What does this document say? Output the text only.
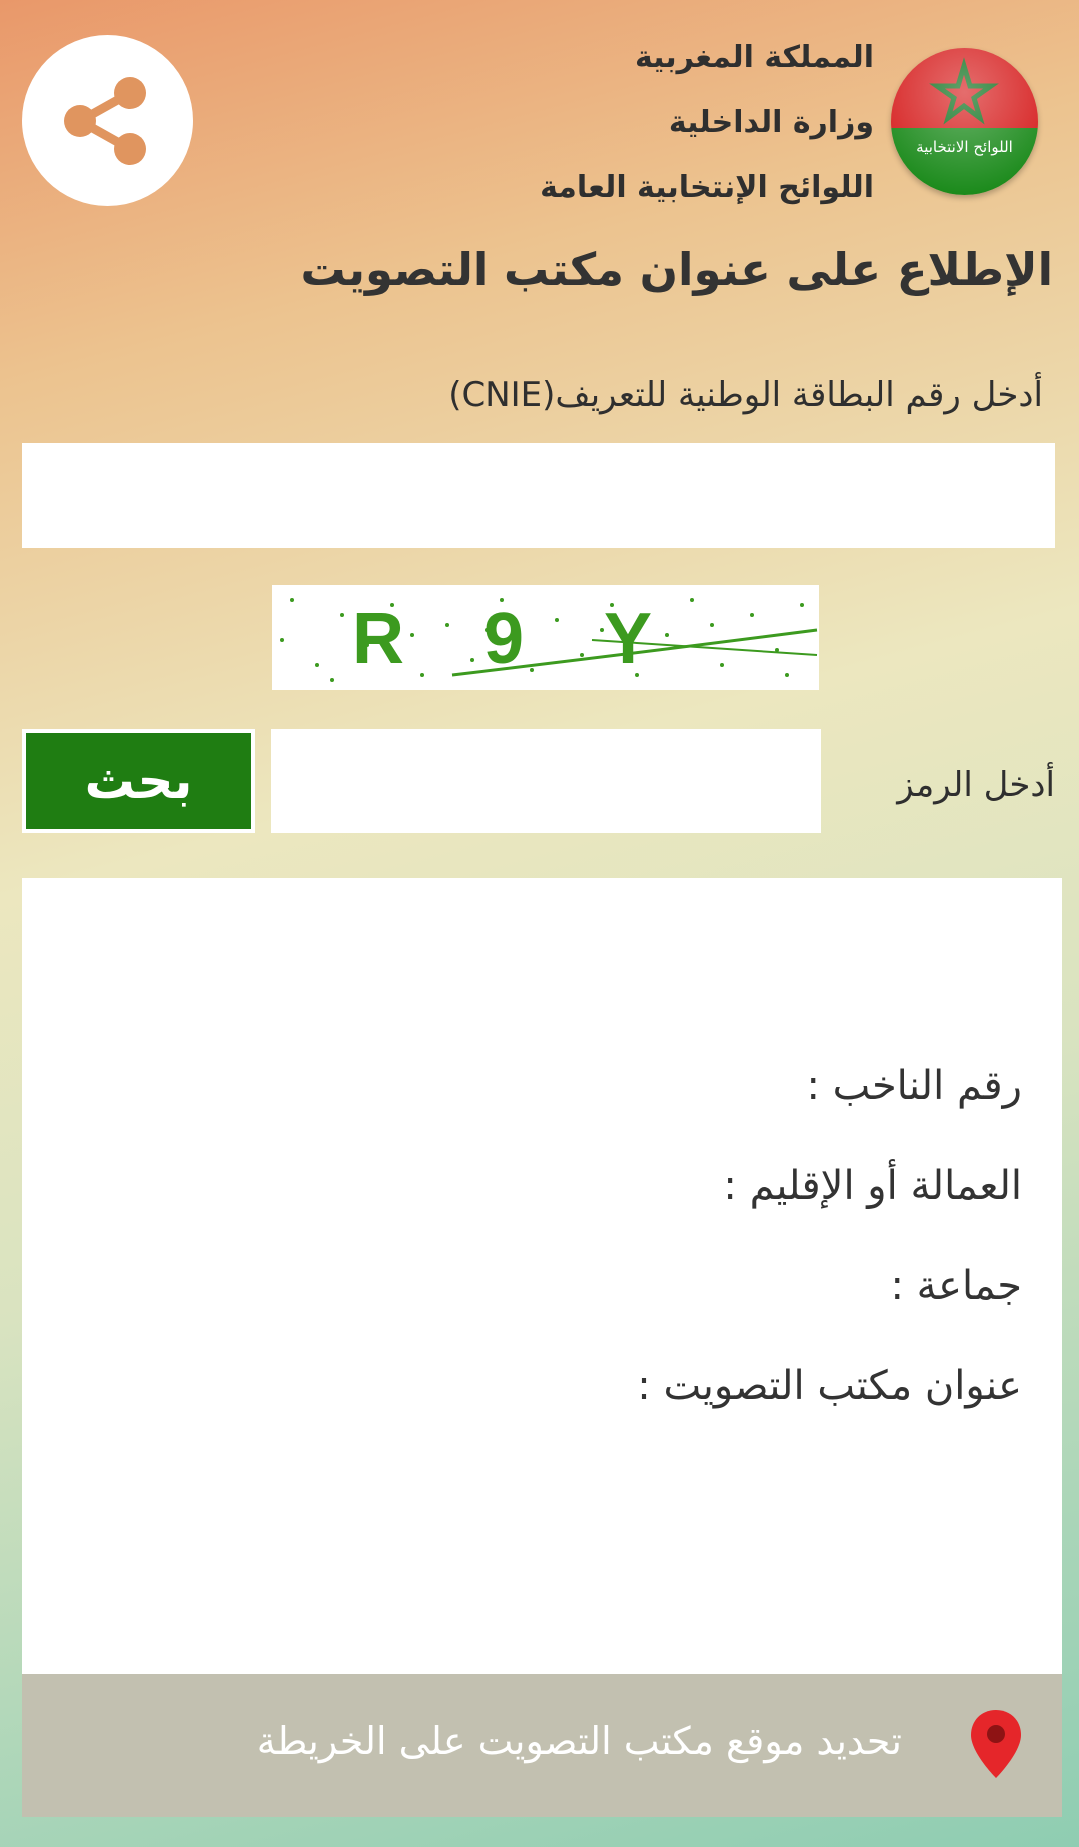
المملكة المغربية
وزارة الداخلية
اللوائح الإنتخابية العامة
اللوائح الانتخابية
الإطلاع على عنوان مكتب التصويت
أدخل رقم البطاقة الوطنية للتعريف(CNIE)
R9Y
أدخل الرمز
بحث
رقم الناخب :
العمالة أو الإقليم :
جماعة :
عنوان مكتب التصويت :
تحديد موقع مكتب التصويت على الخريطة
